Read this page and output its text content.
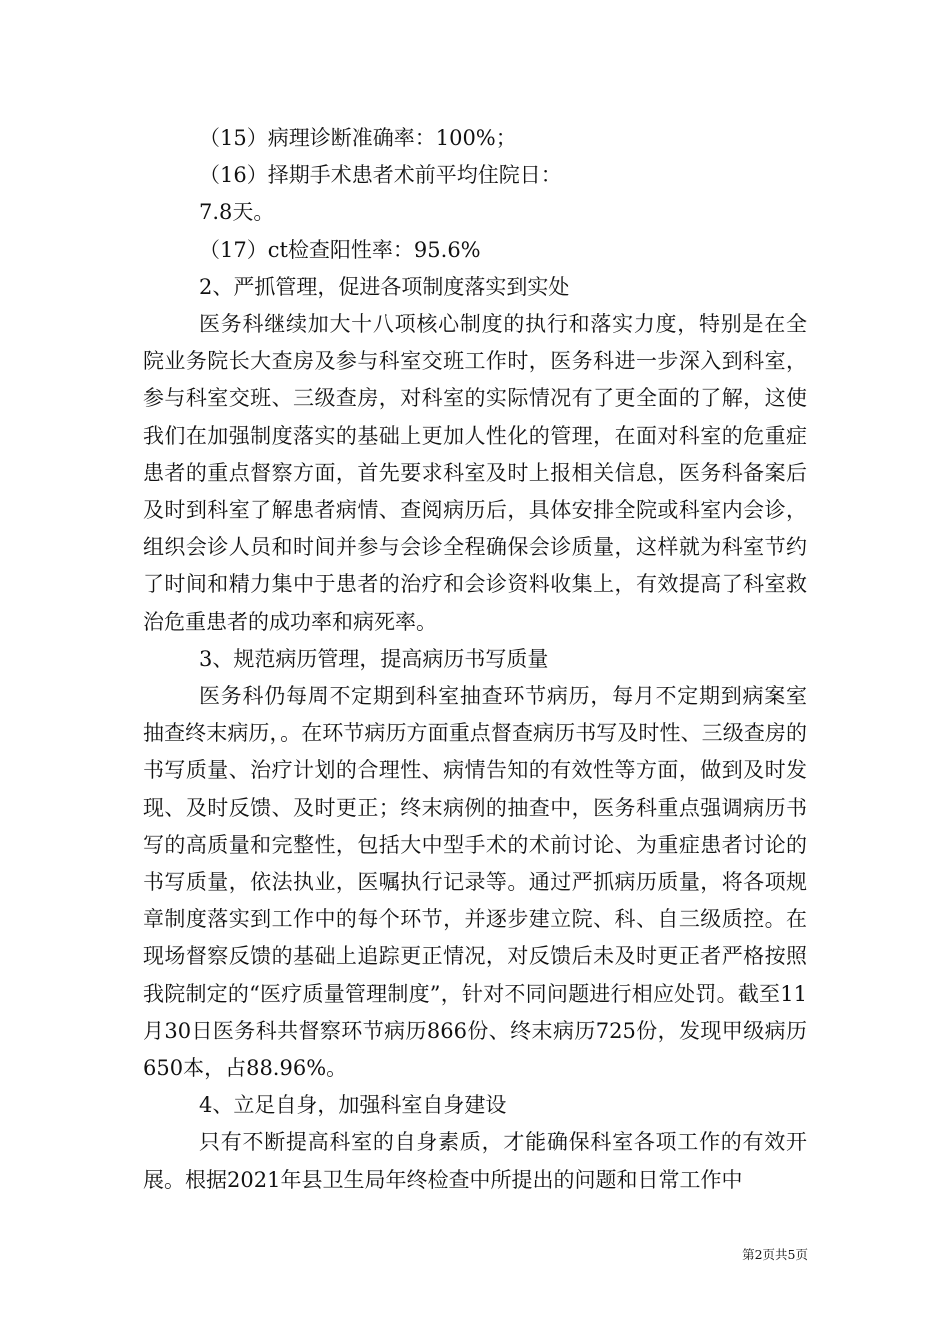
（15）病理诊断准确率：100%；
（16）择期手术患者术前平均住院日：
7.8天。
（17）ct检查阳性率：95.6%
2、严抓管理，促进各项制度落实到实处

医务科继续加大十八项核心制度的执行和落实力度，特别是在全院业务院长大查房及参与科室交班工作时，医务科进一步深入到科室，参与科室交班、三级查房，对科室的实际情况有了更全面的了解，这使我们在加强制度落实的基础上更加人性化的管理，在面对科室的危重症患者的重点督察方面，首先要求科室及时上报相关信息，医务科备案后及时到科室了解患者病情、查阅病历后，具体安排全院或科室内会诊，组织会诊人员和时间并参与会诊全程确保会诊质量，这样就为科室节约了时间和精力集中于患者的治疗和会诊资料收集上，有效提高了科室救治危重患者的成功率和病死率。

3、规范病历管理，提高病历书写质量

医务科仍每周不定期到科室抽查环节病历，每月不定期到病案室抽查终末病历，。在环节病历方面重点督查病历书写及时性、三级查房的书写质量、治疗计划的合理性、病情告知的有效性等方面，做到及时发现、及时反馈、及时更正；终末病例的抽查中，医务科重点强调病历书写的高质量和完整性，包括大中型手术的术前讨论、为重症患者讨论的书写质量，依法执业，医嘱执行记录等。通过严抓病历质量，将各项规章制度落实到工作中的每个环节，并逐步建立院、科、自三级质控。在现场督察反馈的基础上追踪更正情况，对反馈后未及时更正者严格按照我院制定的“医疗质量管理制度”，针对不同问题进行相应处罚。截至11月30日医务科共督察环节病历866份、终末病历725份，发现甲级病历650本，占88.96%。

4、立足自身，加强科室自身建设

只有不断提高科室的自身素质，才能确保科室各项工作的有效开展。根据2021年县卫生局年终检查中所提出的问题和日常工作中

第2页共5页
